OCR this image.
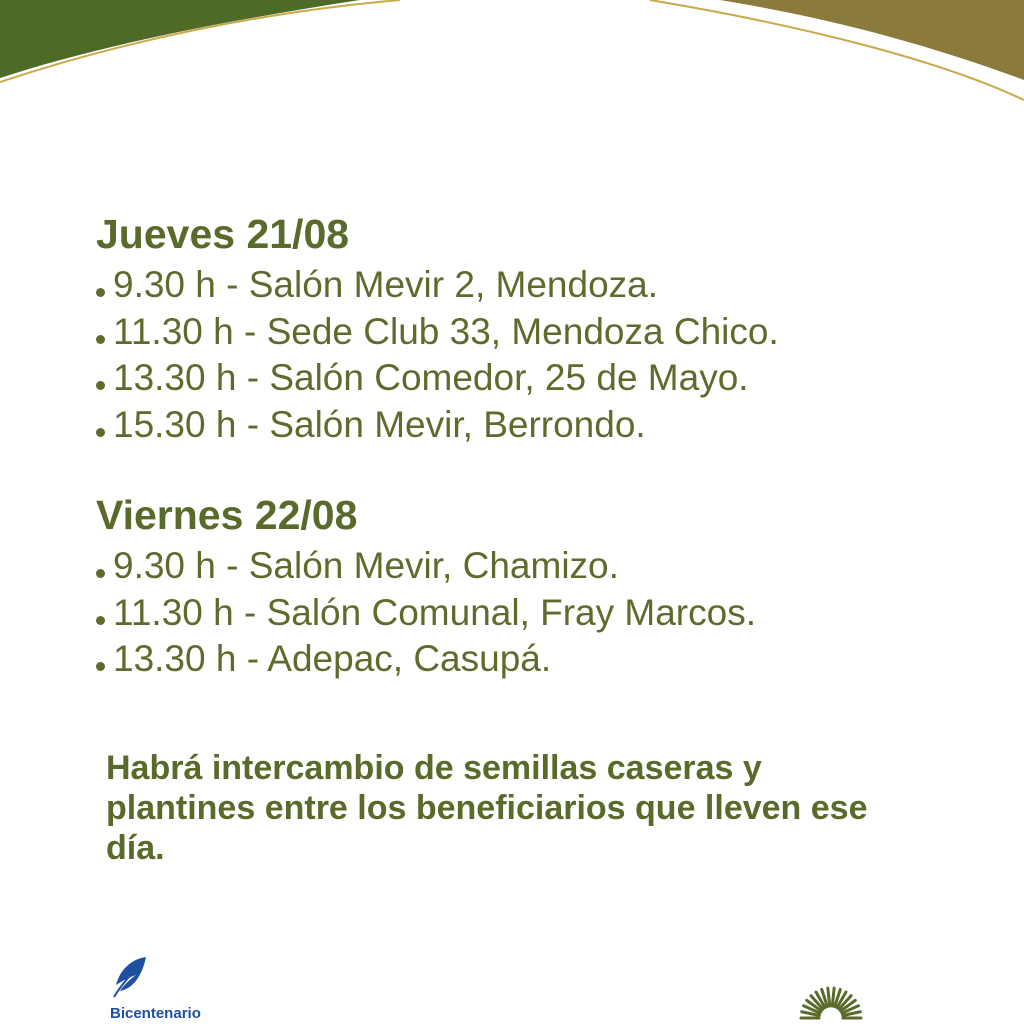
Jueves 21/08
9.30 h - Salón Mevir 2, Mendoza.
11.30 h - Sede Club 33, Mendoza Chico.
13.30 h - Salón Comedor, 25 de Mayo.
15.30 h - Salón Mevir, Berrondo.
Viernes 22/08
9.30 h - Salón Mevir, Chamizo.
11.30 h - Salón Comunal, Fray Marcos.
13.30 h - Adepac, Casupá.

Habrá intercambio de semillas caseras y plantines entre los beneficiarios que lleven ese día.

Bicentenario
